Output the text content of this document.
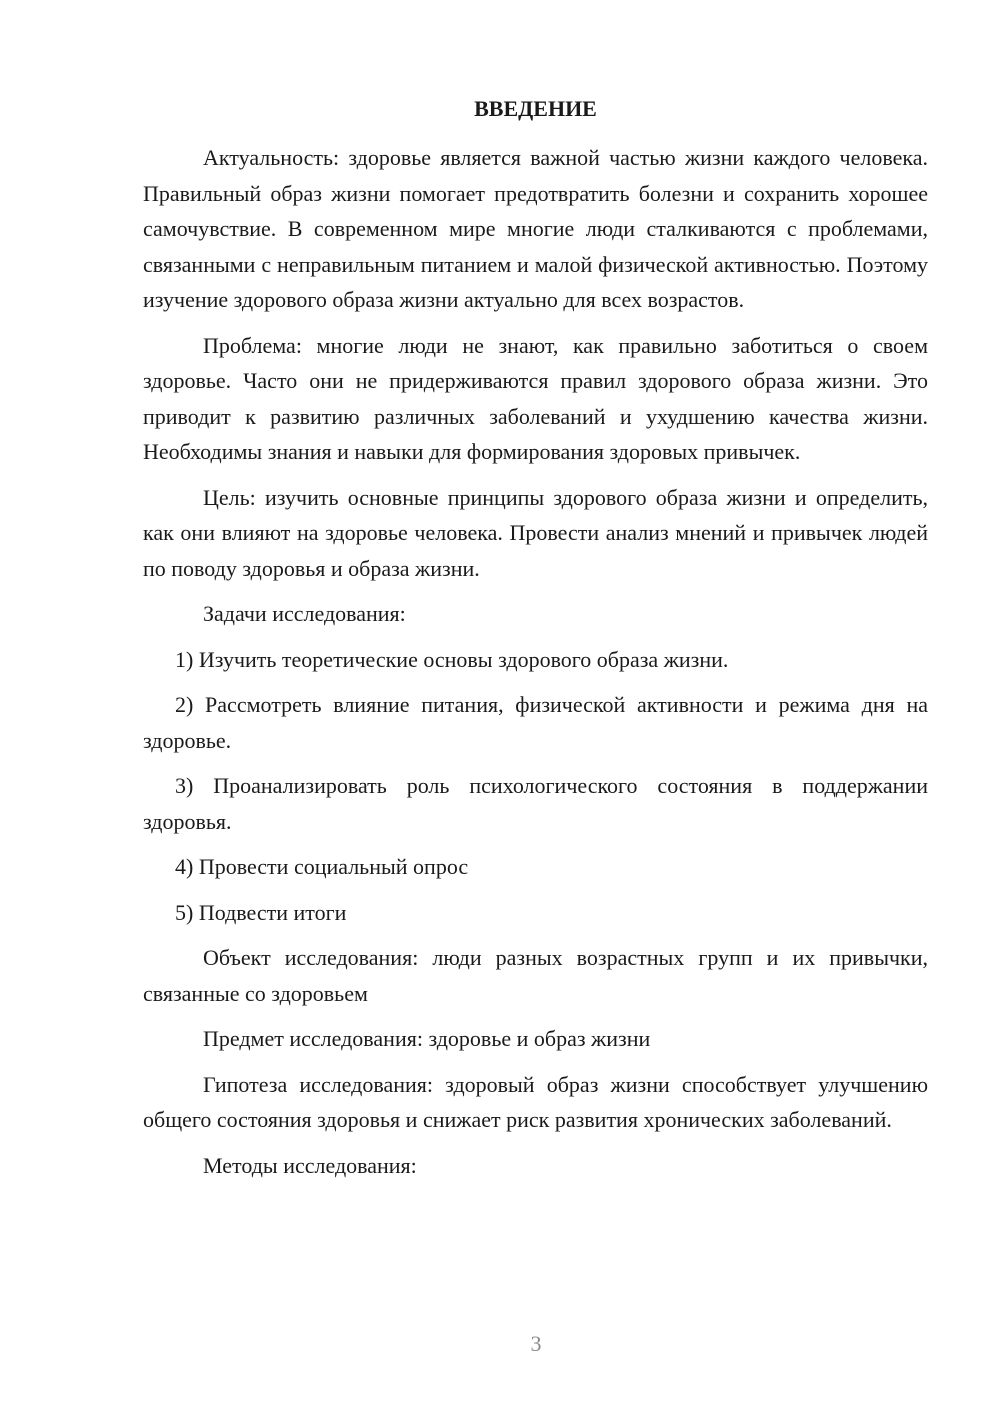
ВВЕДЕНИЕ

Актуальность: здоровье является важной частью жизни каждого человека. Правильный образ жизни помогает предотвратить болезни и сохранить хорошее самочувствие. В современном мире многие люди сталкиваются с проблемами, связанными с неправильным питанием и малой физической активностью. Поэтому изучение здорового образа жизни актуально для всех возрастов.

Проблема: многие люди не знают, как правильно заботиться о своем здоровье. Часто они не придерживаются правил здорового образа жизни. Это приводит к развитию различных заболеваний и ухудшению качества жизни. Необходимы знания и навыки для формирования здоровых привычек.

Цель: изучить основные принципы здорового образа жизни и определить, как они влияют на здоровье человека. Провести анализ мнений и привычек людей по поводу здоровья и образа жизни.

Задачи исследования:

1) Изучить теоретические основы здорового образа жизни.

2) Рассмотреть влияние питания, физической активности и режима дня на здоровье.

3) Проанализировать роль психологического состояния в поддержании здоровья.

4) Провести социальный опрос

5) Подвести итоги

Объект исследования: люди разных возрастных групп и их привычки, связанные со здоровьем

Предмет исследования: здоровье и образ жизни

Гипотеза исследования: здоровый образ жизни способствует улучшению общего состояния здоровья и снижает риск развития хронических заболеваний.

Методы исследования:

3
